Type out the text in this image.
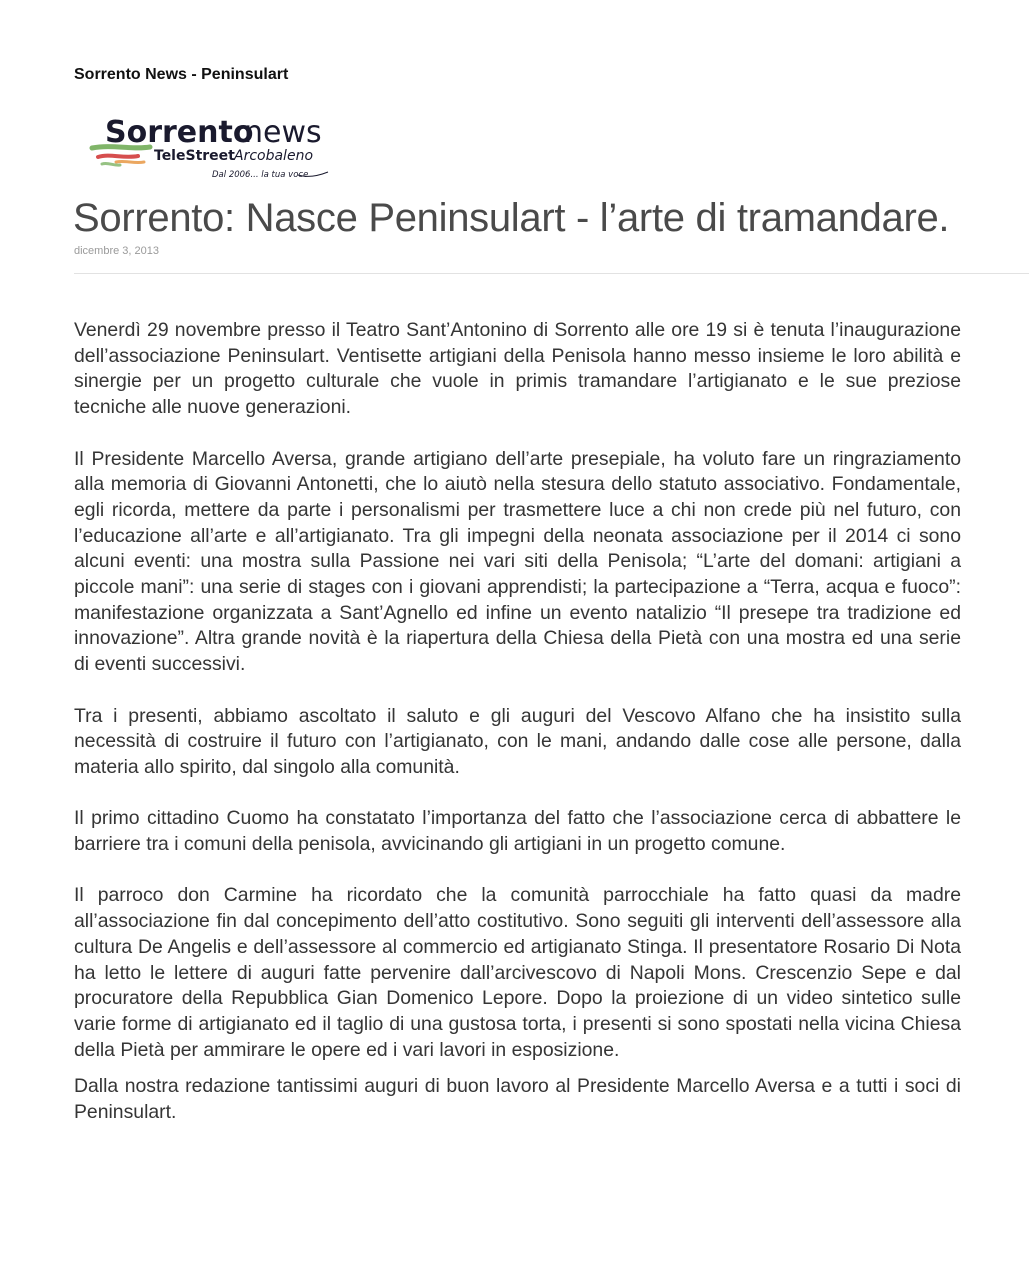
Sorrento News - Peninsulart
Sorrento
news
TeleStreet Arcobaleno
Dal 2006... la tua voce
Sorrento: Nasce Peninsulart - l’arte di tramandare.
dicembre 3, 2013

Venerdì 29 novembre presso il Teatro Sant’Antonino di Sorrento alle ore 19 si è tenuta l’inaugurazione dell’associazione Peninsulart. Ventisette artigiani della Penisola hanno messo insieme le loro abilità e sinergie per un progetto culturale che vuole in primis tramandare l’artigianato e le sue preziose tecniche alle nuove generazioni.

Il Presidente Marcello Aversa, grande artigiano dell’arte presepiale, ha voluto fare un ringraziamento alla memoria di Giovanni Antonetti, che lo aiutò nella stesura dello statuto associativo. Fondamentale, egli ricorda, mettere da parte i personalismi per trasmettere luce a chi non crede più nel futuro, con l’educazione all’arte e all’artigianato. Tra gli impegni della neonata associazione per il 2014 ci sono alcuni eventi: una mostra sulla Passione nei vari siti della Penisola; “L’arte del domani: artigiani a piccole mani”: una serie di stages con i giovani apprendisti; la partecipazione a “Terra, acqua e fuoco”: manifestazione organizzata a Sant’Agnello ed infine un evento natalizio “Il presepe tra tradizione ed innovazione”. Altra grande novità è la riapertura della Chiesa della Pietà con una mostra ed una serie di eventi successivi.

Tra i presenti, abbiamo ascoltato il saluto e gli auguri del Vescovo Alfano che ha insistito sulla necessità di costruire il futuro con l’artigianato, con le mani, andando dalle cose alle persone, dalla materia allo spirito, dal singolo alla comunità.

Il primo cittadino Cuomo ha constatato l’importanza del fatto che l’associazione cerca di abbattere le barriere tra i comuni della penisola, avvicinando gli artigiani in un progetto comune.

Il parroco don Carmine ha ricordato che la comunità parrocchiale ha fatto quasi da madre all’associazione fin dal concepimento dell’atto costitutivo. Sono seguiti gli interventi dell’assessore alla cultura De Angelis e dell’assessore al commercio ed artigianato Stinga. Il presentatore Rosario Di Nota ha letto le lettere di auguri fatte pervenire dall’arcivescovo di Napoli Mons. Crescenzio Sepe e dal procuratore della Repubblica Gian Domenico Lepore. Dopo la proiezione di un video sintetico sulle varie forme di artigianato ed il taglio di una gustosa torta, i presenti si sono spostati nella vicina Chiesa della Pietà per ammirare le opere ed i vari lavori in esposizione.

Dalla nostra redazione tantissimi auguri di buon lavoro al Presidente Marcello Aversa e a tutti i soci di Peninsulart.
